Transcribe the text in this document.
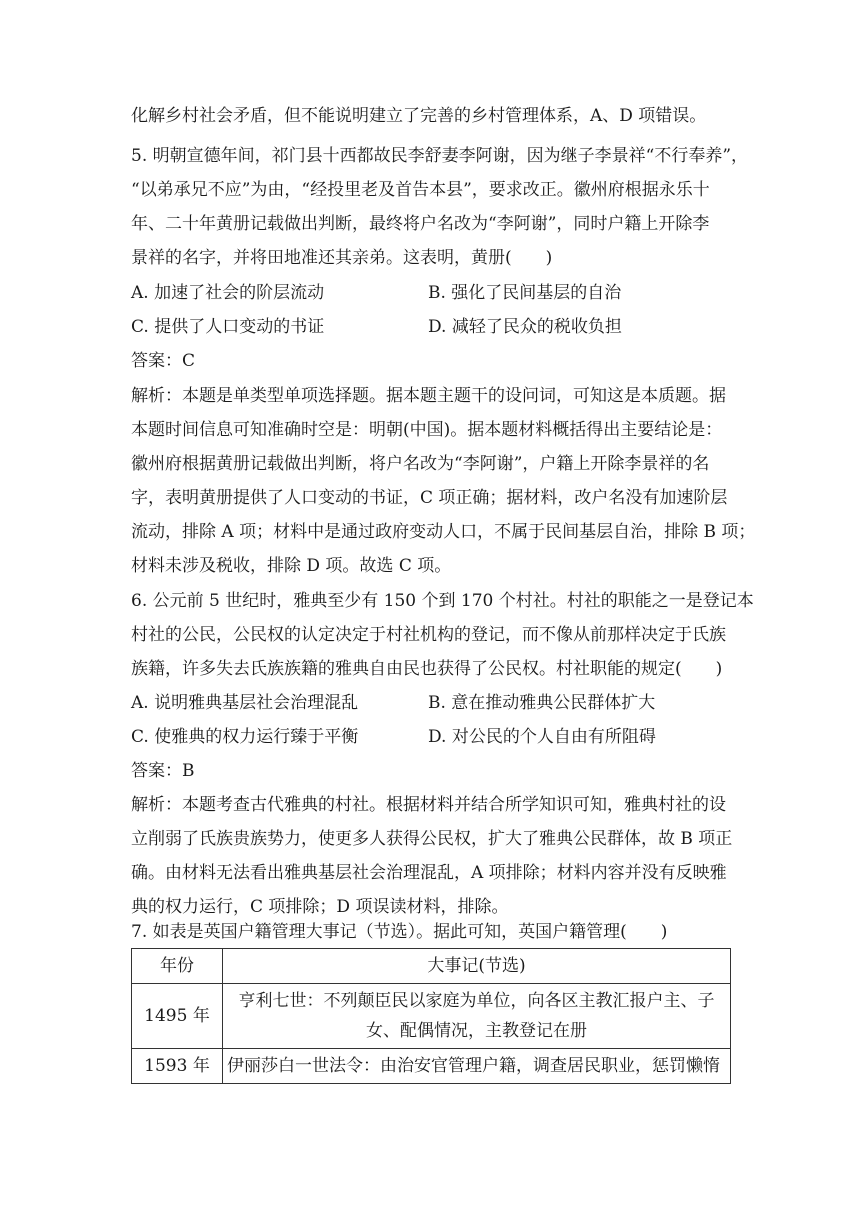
化解乡村社会矛盾，但不能说明建立了完善的乡村管理体系，A、D 项错误。
5. 明朝宣德年间，祁门县十西都故民李舒妻李阿谢，因为继子李景祥“不行奉养”，
“以弟承兄不应”为由，“经投里老及首告本县”，要求改正。徽州府根据永乐十
年、二十年黄册记载做出判断，最终将户名改为“李阿谢”，同时户籍上开除李
景祥的名字，并将田地准还其亲弟。这表明，黄册(　　)
A. 加速了社会的阶层流动	B. 强化了民间基层的自治
C. 提供了人口变动的书证	D. 减轻了民众的税收负担
答案：C
解析：本题是单类型单项选择题。据本题主题干的设问词，可知这是本质题。据
本题时间信息可知准确时空是：明朝(中国)。据本题材料概括得出主要结论是：
徽州府根据黄册记载做出判断，将户名改为“李阿谢”，户籍上开除李景祥的名
字，表明黄册提供了人口变动的书证，C 项正确；据材料，改户名没有加速阶层
流动，排除 A 项；材料中是通过政府变动人口，不属于民间基层自治，排除 B 项；
材料未涉及税收，排除 D 项。故选 C 项。
6. 公元前 5 世纪时，雅典至少有 150 个到 170 个村社。村社的职能之一是登记本
村社的公民，公民权的认定决定于村社机构的登记，而不像从前那样决定于氏族
族籍，许多失去氏族族籍的雅典自由民也获得了公民权。村社职能的规定(　　)
A. 说明雅典基层社会治理混乱	B. 意在推动雅典公民群体扩大
C. 使雅典的权力运行臻于平衡	D. 对公民的个人自由有所阻碍
答案：B
解析：本题考查古代雅典的村社。根据材料并结合所学知识可知，雅典村社的设
立削弱了氏族贵族势力，使更多人获得公民权，扩大了雅典公民群体，故 B 项正
确。由材料无法看出雅典基层社会治理混乱，A 项排除；材料内容并没有反映雅
典的权力运行，C 项排除；D 项误读材料，排除。
7. 如表是英国户籍管理大事记（节选）。据此可知，英国户籍管理(　　)
年份	大事记(节选)
1495 年	亨利七世：不列颠臣民以家庭为单位，向各区主教汇报户主、子
女、配偶情况，主教登记在册

1593 年	伊丽莎白一世法令：由治安官管理户籍，调查居民职业，惩罚懒惰
